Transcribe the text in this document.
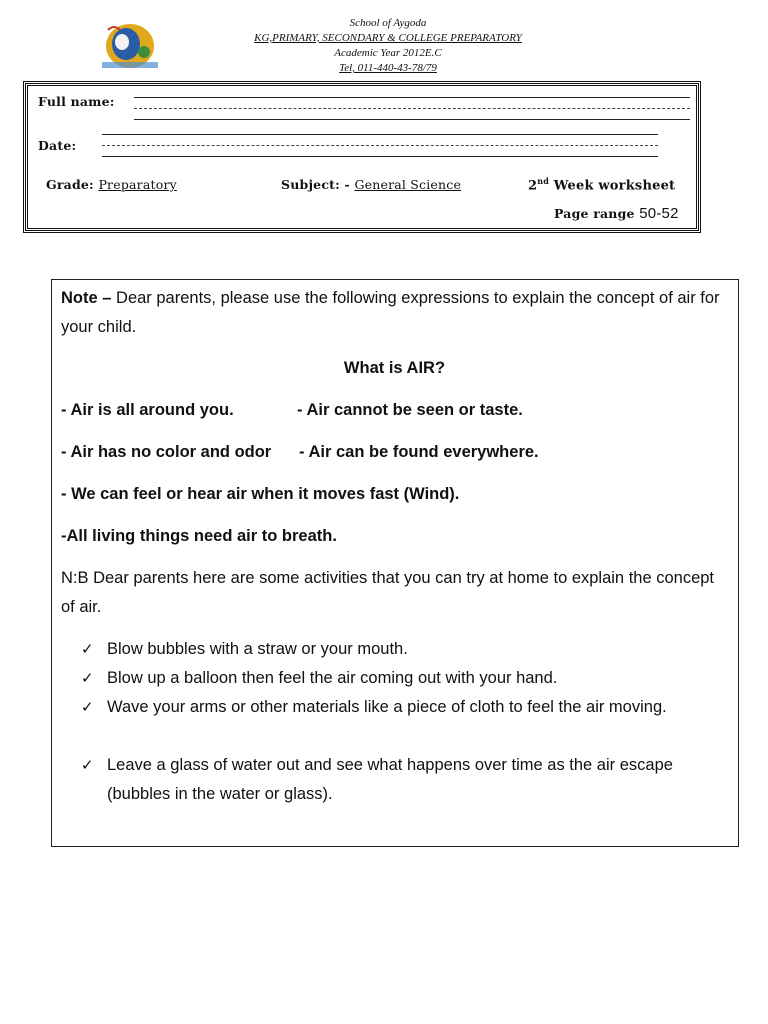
School of Aygoda
KG,PRIMARY, SECONDARY & COLLEGE PREPARATORY
Academic Year 2012E.C
Tel, 011-440-43-78/79
Full name:
Date:
Grade: Preparatory	Subject: - General Science	2nd Week worksheet
Page range 50-52
Note – Dear parents, please use the following expressions to explain the concept of air for your child.
What is AIR?
- Air is all around you.	- Air cannot be seen or taste.
- Air has no color and odor - Air can be found everywhere.
- We can feel or hear air when it moves fast (Wind).
-All living things need air to breath.
N:B Dear parents here are some activities that you can try at home to explain the concept of air.
✓ Blow bubbles with a straw or your mouth.
✓ Blow up a balloon then feel the air coming out with your hand.
✓ Wave your arms or other materials like a piece of cloth to feel the air moving.
✓ Leave a glass of water out and see what happens over time as the air escape (bubbles in the water or glass).
